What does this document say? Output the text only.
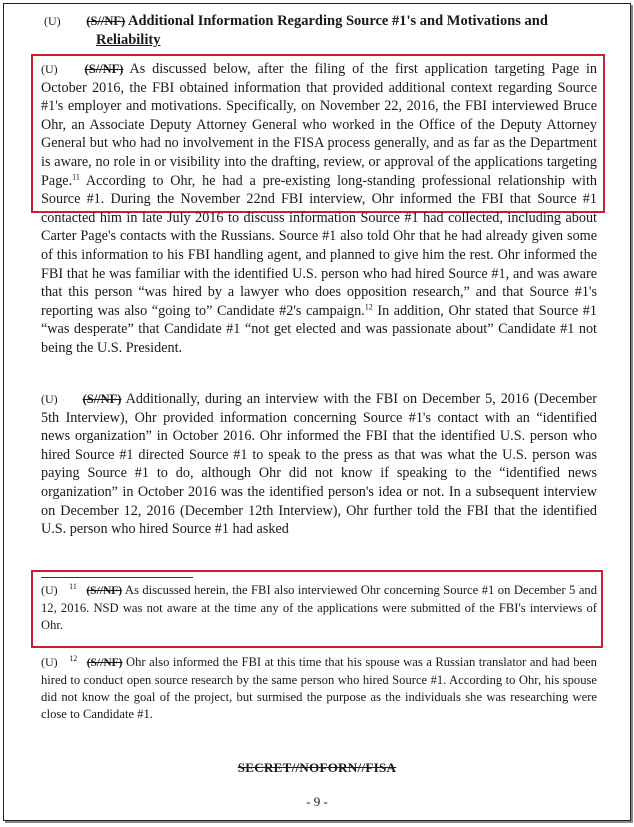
(U) (S//NF) Additional Information Regarding Source #1's and Motivations and
Reliability

(U) (S//NF) As discussed below, after the filing of the first application targeting Page in October 2016, the FBI obtained information that provided additional context regarding Source #1's employer and motivations. Specifically, on November 22, 2016, the FBI interviewed Bruce Ohr, an Associate Deputy Attorney General who worked in the Office of the Deputy Attorney General but who had no involvement in the FISA process generally, and as far as the Department is aware, no role in or visibility into the drafting, review, or approval of the applications targeting Page.$^{11}$ According to Ohr, he had a pre-existing long-standing professional relationship with Source #1. During the November 22nd FBI interview, Ohr informed the FBI that Source #1 contacted him in late July 2016 to discuss information Source #1 had collected, including about Carter Page's contacts with the Russians. Source #1 also told Ohr that he had already given some of this information to his FBI handling agent, and planned to give him the rest. Ohr informed the FBI that he was familiar with the identified U.S. person who had hired Source #1, and was aware that this person “was hired by a lawyer who does opposition research,” and that Source #1's reporting was also “going to” Candidate #2's campaign.$^{12}$ In addition, Ohr stated that Source #1 “was desperate” that Candidate #1 “not get elected and was passionate about” Candidate #1 not being the U.S. President.

(U) (S//NF) Additionally, during an interview with the FBI on December 5, 2016 (December 5th Interview), Ohr provided information concerning Source #1's contact with an “identified news organization” in October 2016. Ohr informed the FBI that the identified U.S. person who hired Source #1 directed Source #1 to speak to the press as that was what the U.S. person was paying Source #1 to do, although Ohr did not know if speaking to the “identified news organization” in October 2016 was the identified person's idea or not. In a subsequent interview on December 12, 2016 (December 12th Interview), Ohr further told the FBI that the identified U.S. person who hired Source #1 had asked

(U) $^{11}$ (S//NF) As discussed herein, the FBI also interviewed Ohr concerning Source #1 on December 5 and 12, 2016. NSD was not aware at the time any of the applications were submitted of the FBI's interviews of Ohr.
(U) $^{12}$ (S//NF) Ohr also informed the FBI at this time that his spouse was a Russian translator and had been hired to conduct open source research by the same person who hired Source #1. According to Ohr, his spouse did not know the goal of the project, but surmised the purpose as the individuals she was researching were close to Candidate #1.
SECRET//NOFORN//FISA
- 9 -
